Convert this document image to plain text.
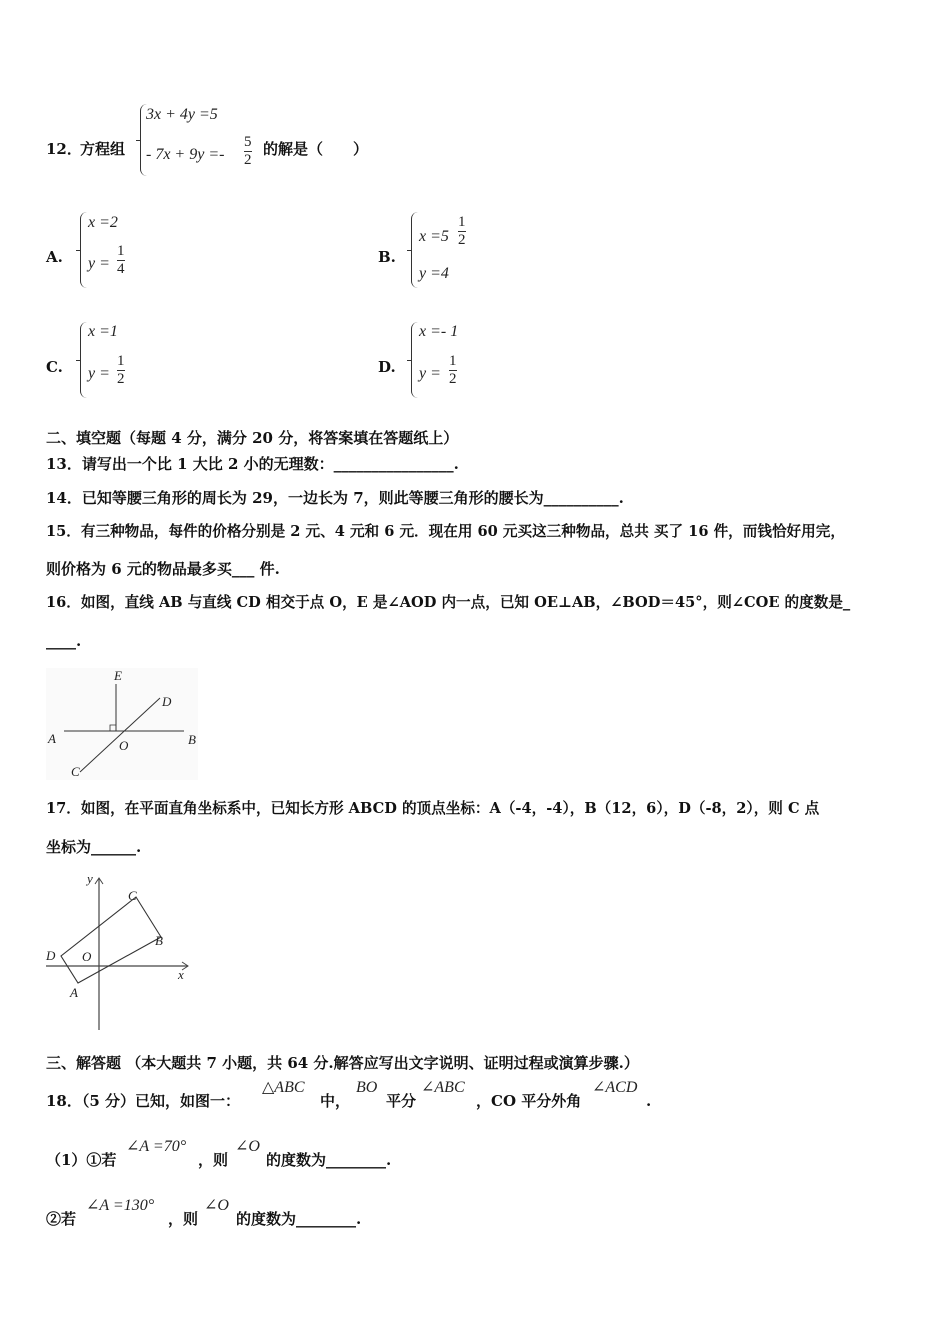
12．
方程组
3x + 4y =5
- $7x + 9y =- \frac{5}{2}$ 的解是（　　）
A.
x =2
$y = \frac{1}{4}$	B.
$x =5 \frac{1}{2}$
y =4
C.
x =1
$y = \frac{1}{2}$	D.
x =- 1
$y = \frac{1}{2}$
二、填空题（每题 4 分，满分 20 分，将答案填在答题纸上）
13．请写出一个比 1 大比 2 小的无理数：________________.
14．已知等腰三角形的周长为 29，一边长为 7，则此等腰三角形的腰长为__________.
15．有三种物品，每件的价格分别是 2 元、4 元和 6 元．现在用 60 元买这三种物品，总共 买了 16 件，而钱恰好用完，
则价格为 6 元的物品最多买___ 件.
16．如图，直线 AB 与直线 CD 相交于点 O，E 是∠AOD 内一点，已知 OE⊥AB，∠BOD＝45°，则∠COE 的度数是_
____.
E
D
A	O	B
C
17．如图，在平面直角坐标系中，已知长方形 ABCD 的顶点坐标：A（-4，-4），B（12，6），D（-8，2），则 C 点
坐标为______.
y
x
C
B
D O
A
三、解答题 （本大题共 7 小题，共 64 分.解答应写出文字说明、证明过程或演算步骤.）
18．（5 分）已知，如图一：
△ABC
中，
BO
平分
∠ABC
，CO 平分外角
∠ACD
.
（1）①若
∠A =70°
，则
∠O
的度数为________.
②若
∠A =130°
，则
∠O
的度数为________.
